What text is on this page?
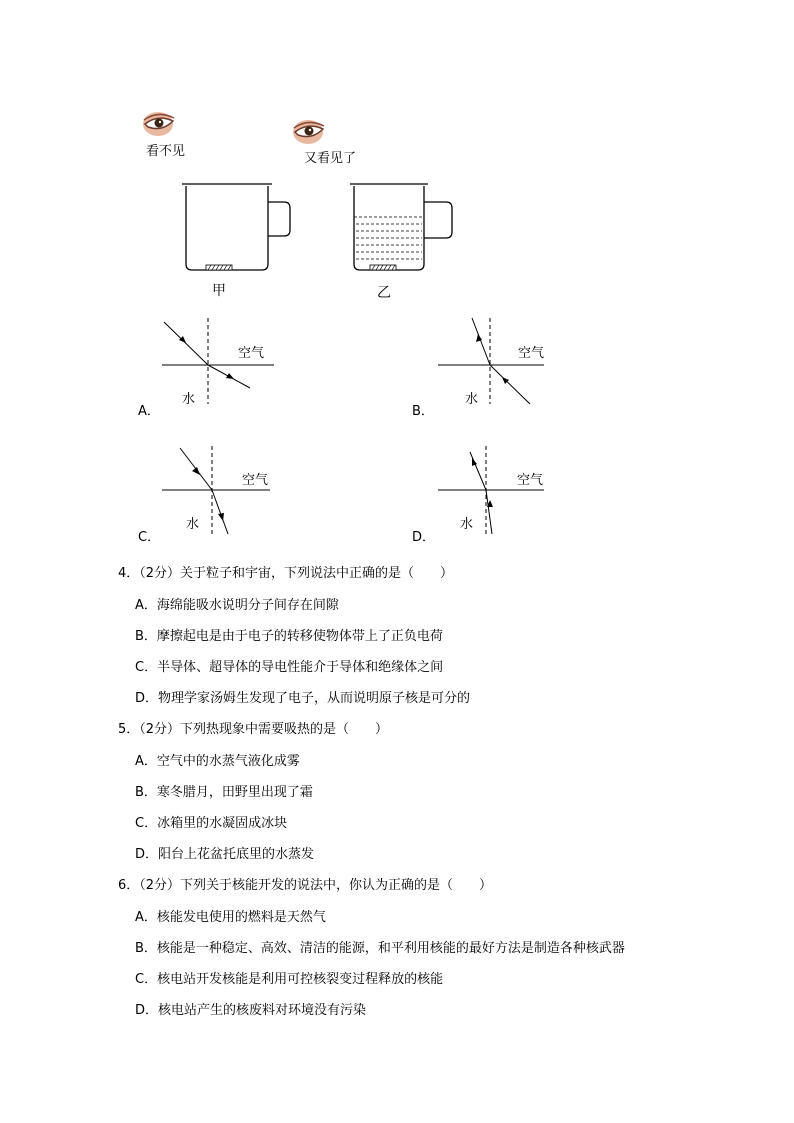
看不见	又看见了
甲	乙
空气
水
A．
空气
水
B．
空气
水
C．
空气
水
D．
4．（2分）关于粒子和宇宙，下列说法中正确的是（　　）
A．海绵能吸水说明分子间存在间隙
B．摩擦起电是由于电子的转移使物体带上了正负电荷
C．半导体、超导体的导电性能介于导体和绝缘体之间
D．物理学家汤姆生发现了电子，从而说明原子核是可分的
5．（2分）下列热现象中需要吸热的是（　　）
A．空气中的水蒸气液化成雾
B．寒冬腊月，田野里出现了霜
C．冰箱里的水凝固成冰块
D．阳台上花盆托底里的水蒸发
6．（2分）下列关于核能开发的说法中，你认为正确的是（　　）
A．核能发电使用的燃料是天然气
B．核能是一种稳定、高效、清洁的能源，和平利用核能的最好方法是制造各种核武器
C．核电站开发核能是利用可控核裂变过程释放的核能
D．核电站产生的核废料对环境没有污染
